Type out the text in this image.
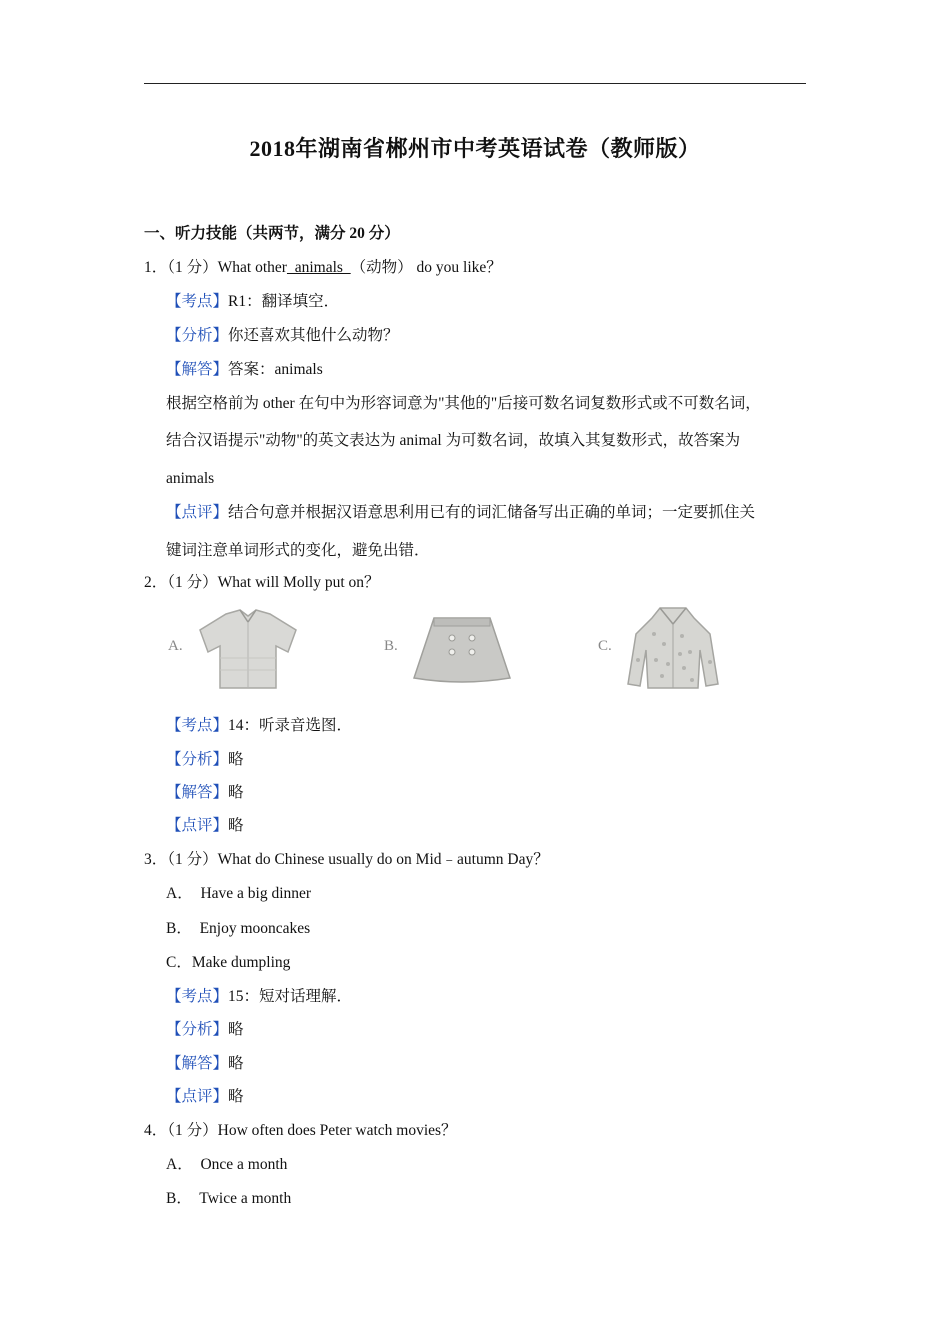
2018年湖南省郴州市中考英语试卷（教师版）
一、听力技能（共两节，满分 20 分）
1．（1 分）What other  animals  （动物） do you like？
【考点】R1：翻译填空．
【分析】你还喜欢其他什么动物？
【解答】答案：animals
根据空格前为 other 在句中为形容词意为"其他的"后接可数名词复数形式或不可数名词，
结合汉语提示"动物"的英文表达为 animal 为可数名词，故填入其复数形式，故答案为
animals
【点评】结合句意并根据汉语意思利用已有的词汇储备写出正确的单词；一定要抓住关
键词注意单词形式的变化，避免出错．
2．（1 分）What will Molly put on？
A.	B.	C.
【考点】14：听录音选图．
【分析】略
【解答】略
【点评】略
3．（1 分）What do Chinese usually do on Mid﹣autumn Day？
A．  Have a big dinner
B．  Enjoy mooncakes
C．Make dumpling
【考点】15：短对话理解．
【分析】略
【解答】略
【点评】略
4．（1 分）How often does Peter watch movies？
A．  Once a month
B．  Twice a month
